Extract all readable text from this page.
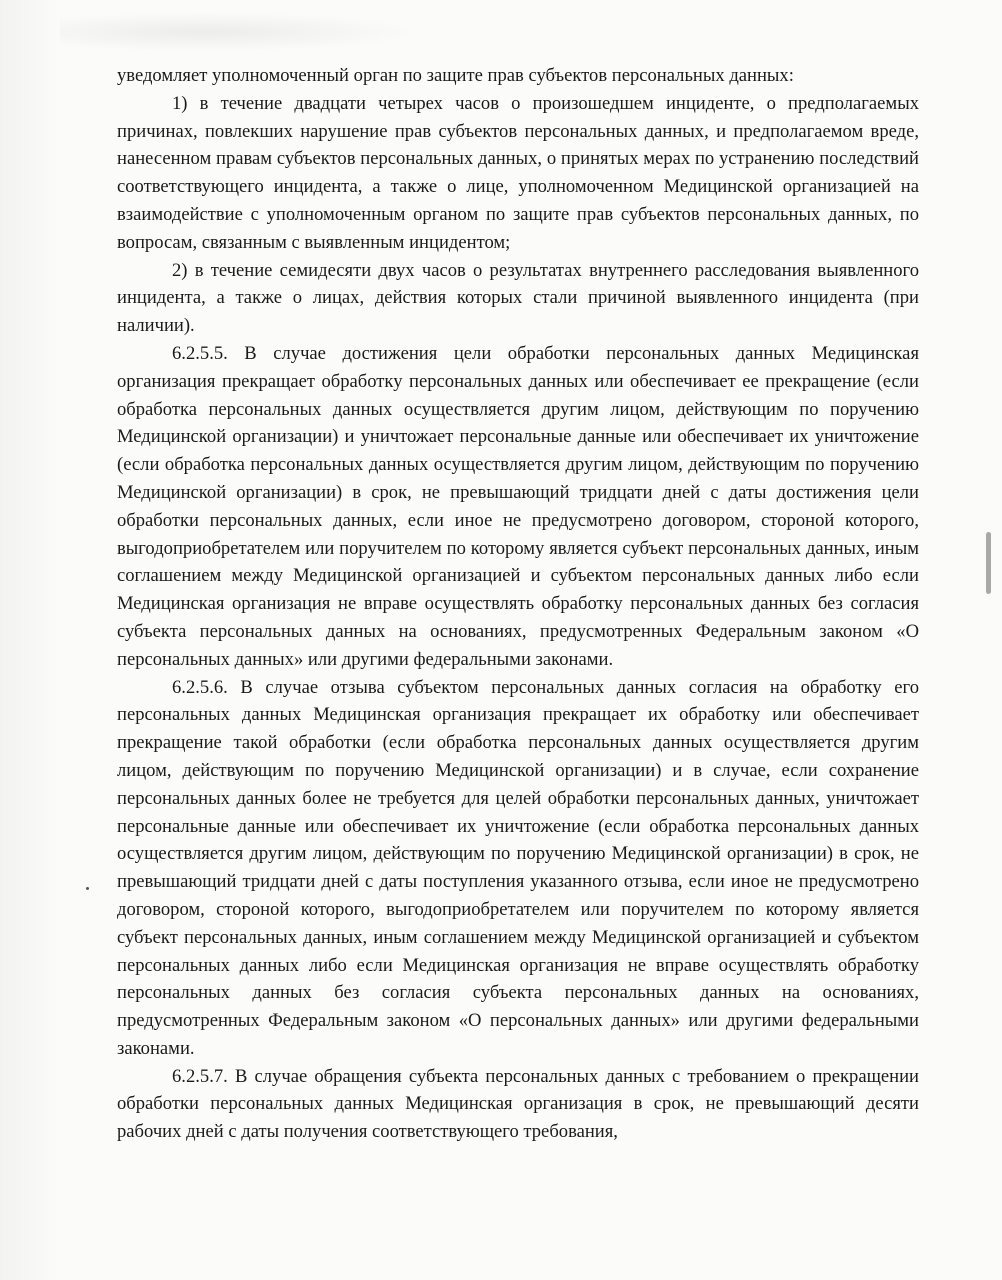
уведомляет уполномоченный орган по защите прав субъектов персональных данных:

1) в течение двадцати четырех часов о произошедшем инциденте, о предполагаемых причинах, повлекших нарушение прав субъектов персональных данных, и предполагаемом вреде, нанесенном правам субъектов персональных данных, о принятых мерах по устранению последствий соответствующего инцидента, а также о лице, уполномоченном Медицинской организацией на взаимодействие с уполномоченным органом по защите прав субъектов персональных данных, по вопросам, связанным с выявленным инцидентом;

2) в течение семидесяти двух часов о результатах внутреннего расследования выявленного инцидента, а также о лицах, действия которых стали причиной выявленного инцидента (при наличии).

6.2.5.5. В случае достижения цели обработки персональных данных Медицинская организация прекращает обработку персональных данных или обеспечивает ее прекращение (если обработка персональных данных осуществляется другим лицом, действующим по поручению Медицинской организации) и уничтожает персональные данные или обеспечивает их уничтожение (если обработка персональных данных осуществляется другим лицом, действующим по поручению Медицинской организации) в срок, не превышающий тридцати дней с даты достижения цели обработки персональных данных, если иное не предусмотрено договором, стороной которого, выгодоприобретателем или поручителем по которому является субъект персональных данных, иным соглашением между Медицинской организацией и субъектом персональных данных либо если Медицинская организация не вправе осуществлять обработку персональных данных без согласия субъекта персональных данных на основаниях, предусмотренных Федеральным законом «О персональных данных» или другими федеральными законами.

6.2.5.6. В случае отзыва субъектом персональных данных согласия на обработку его персональных данных Медицинская организация прекращает их обработку или обеспечивает прекращение такой обработки (если обработка персональных данных осуществляется другим лицом, действующим по поручению Медицинской организации) и в случае, если сохранение персональных данных более не требуется для целей обработки персональных данных, уничтожает персональные данные или обеспечивает их уничтожение (если обработка персональных данных осуществляется другим лицом, действующим по поручению Медицинской организации) в срок, не превышающий тридцати дней с даты поступления указанного отзыва, если иное не предусмотрено договором, стороной которого, выгодоприобретателем или поручителем по которому является субъект персональных данных, иным соглашением между Медицинской организацией и субъектом персональных данных либо если Медицинская организация не вправе осуществлять обработку персональных данных без согласия субъекта персональных данных на основаниях, предусмотренных Федеральным законом «О персональных данных» или другими федеральными законами.

6.2.5.7. В случае обращения субъекта персональных данных с требованием о прекращении обработки персональных данных Медицинская организация в срок, не превышающий десяти рабочих дней с даты получения соответствующего требования,
